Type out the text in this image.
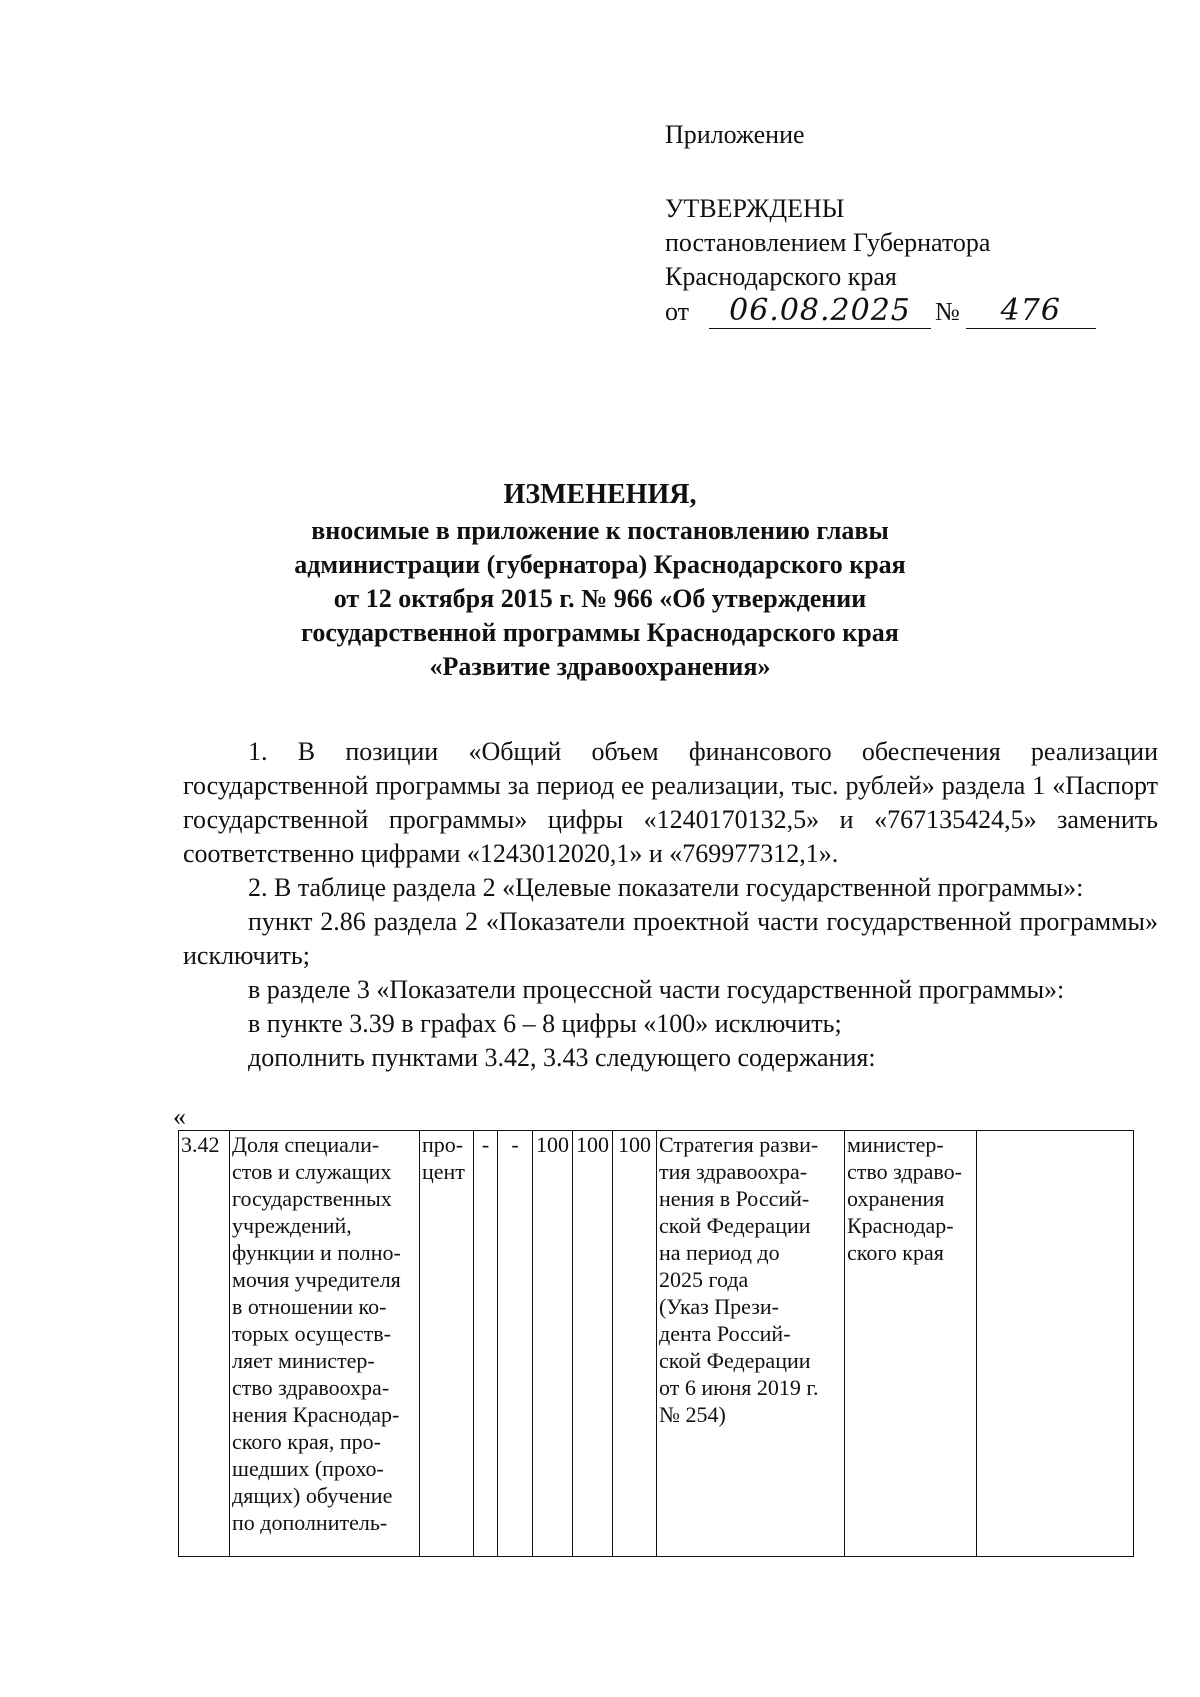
Приложение
УТВЕРЖДЕНЫ
постановлением Губернатора
Краснодарского края
от 06.08.2025 № 476
ИЗМЕНЕНИЯ,
вносимые в приложение к постановлению главы
администрации (губернатора) Краснодарского края
от 12 октября 2015 г. № 966 «Об утверждении
государственной программы Краснодарского края
«Развитие здравоохранения»

1. В позиции «Общий объем финансового обеспечения реализации государственной программы за период ее реализации, тыс. рублей» раздела 1 «Паспорт государственной программы» цифры «1240170132,5» и «767135424,5» заменить соответственно цифрами «1243012020,1» и «769977312,1».

2. В таблице раздела 2 «Целевые показатели государственной программы»:

пункт 2.86 раздела 2 «Показатели проектной части государственной программы» исключить;

в разделе 3 «Показатели процессной части государственной программы»:

в пункте 3.39 в графах 6 – 8 цифры «100» исключить;

дополнить пунктами 3.42, 3.43 следующего содержания:

«
3.42	Доля специали-
стов и служащих
государственных
учреждений,
функции и полно-
мочия учредителя
в отношении ко-
торых осуществ-
ляет министер-
ство здравоохра-
нения Краснодар-
ского края, про-
шедших (прохо-
дящих) обучение
по дополнитель-	про-
цент	-	-	100	100	100	Стратегия разви-
тия здравоохра-
нения в Россий-
ской Федерации
на период до
2025 года
(Указ Прези-
дента Россий-
ской Федерации
от 6 июня 2019 г.
№ 254)	министер-
ство здраво-
охранения
Краснодар-
ского края	
